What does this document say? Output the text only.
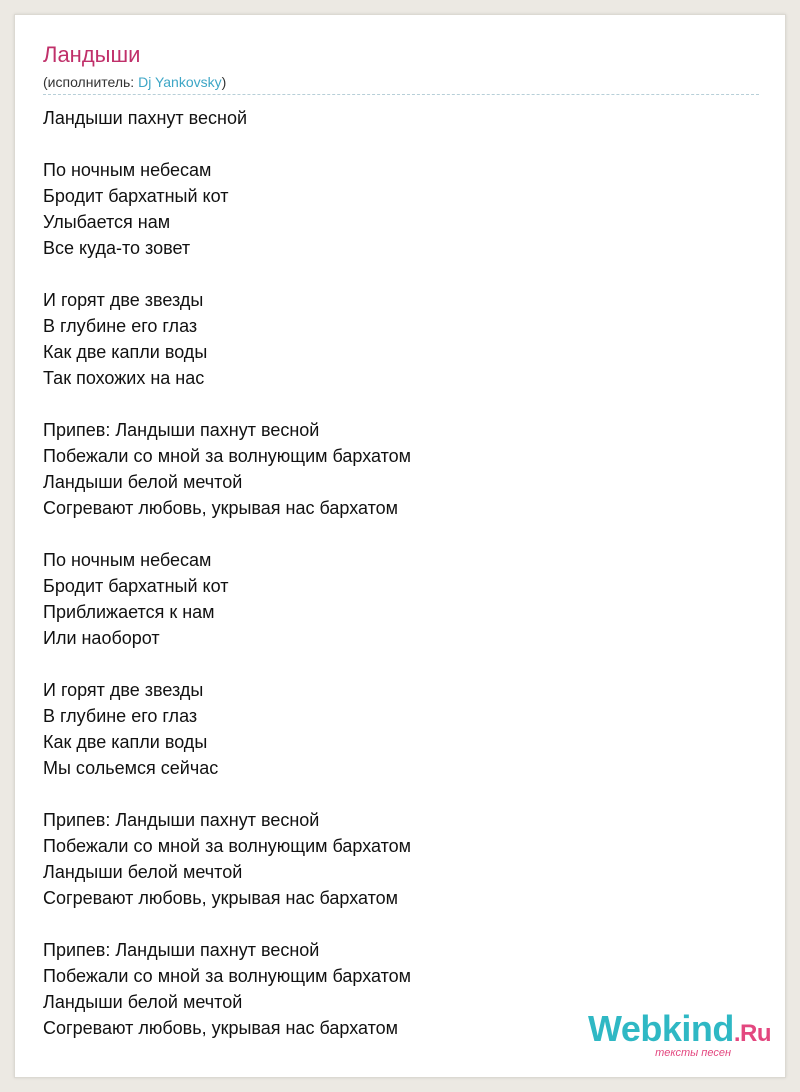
Ландыши
(исполнитель: Dj Yankovsky)
Ландыши пахнут весной
По ночным небесам
Бродит бархатный кот
Улыбается нам
Все куда-то зовет
И горят две звезды
В глубине его глаз
Как две капли воды
Так похожих на нас
Припев: Ландыши пахнут весной
Побежали со мной за волнующим бархатом
Ландыши белой мечтой
Согревают любовь, укрывая нас бархатом
По ночным небесам
Бродит бархатный кот
Приближается к нам
Или наоборот
И горят две звезды
В глубине его глаз
Как две капли воды
Мы сольемся сейчас
Припев: Ландыши пахнут весной
Побежали со мной за волнующим бархатом
Ландыши белой мечтой
Согревают любовь, укрывая нас бархатом
Припев: Ландыши пахнут весной
Побежали со мной за волнующим бархатом
Ландыши белой мечтой
Согревают любовь, укрывая нас бархатом	Webkind.Ru
тексты песен
